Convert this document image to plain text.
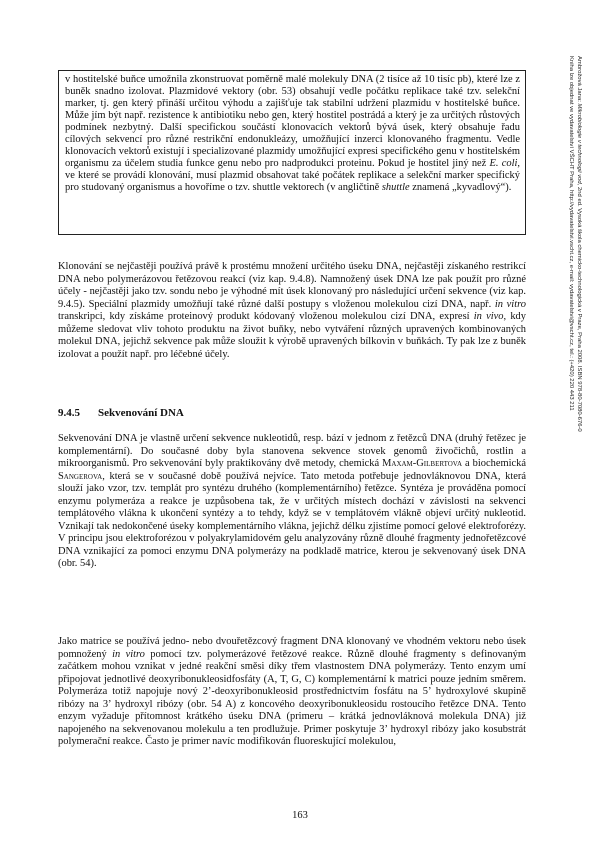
v hostitelské buňce umožnila zkonstruovat poměrně malé molekuly DNA (2 tisíce až 10 tisíc pb), které lze z buněk snadno izolovat. Plazmidové vektory (obr. 53) obsahují vedle počátku replikace také tzv. selekční marker, tj. gen který přináší určitou výhodu a zajišťuje tak stabilní udržení plazmidu v hostitelské buňce. Může jím být např. rezistence k antibiotiku nebo gen, který hostitel postrádá a který je za určitých růstových podmínek nezbytný. Další specifickou součástí klonovacích vektorů bývá úsek, který obsahuje řadu cílových sekvencí pro různé restrikční endonukleázy, umožňující inzerci klonovaného fragmentu. Vedle klonovacích vektorů existují i specializované plazmidy umožňující expresi specifického genu v hostitelském organismu za účelem studia funkce genu nebo pro nadprodukci proteinu. Pokud je hostitel jiný než E. coli, ve které se provádí klonování, musí plazmid obsahovat také počátek replikace a selekční marker specifický pro studovaný organismus a hovoříme o tzv. shuttle vektorech (v angličtině shuttle znamená „kyvadlový“).

Klonování se nejčastěji používá právě k prostému množení určitého úseku DNA, nejčastěji získaného restrikcí DNA nebo polymerázovou řetězovou reakcí (viz kap. 9.4.8). Namnožený úsek DNA lze pak použít pro různé účely - nejčastěji jako tzv. sondu nebo je výhodné mít úsek klonovaný pro následující určení sekvence (viz kap. 9.4.5). Speciální plazmidy umožňují také různé další postupy s vloženou molekulou cizí DNA, např. in vitro transkripci, kdy získáme proteinový produkt kódovaný vloženou molekulou cizí DNA, expresí in vivo, kdy můžeme sledovat vliv tohoto produktu na život buňky, nebo vytváření různých upravených kombinovaných molekul DNA, jejichž sekvence pak může sloužit k výrobě upravených bílkovin v buňkách. Ty pak lze z buněk izolovat a použít např. pro léčebné účely.

9.4.5 Sekvenování DNA

Sekvenování DNA je vlastně určení sekvence nukleotidů, resp. bází v jednom z řetězců DNA (druhý řetězec je komplementární). Do současné doby byla stanovena sekvence stovek genomů živočichů, rostlin a mikroorganismů. Pro sekvenování byly praktikovány dvě metody, chemická Maxam-Gilbertova a biochemická Sangerova, která se v současné době používá nejvíce. Tato metoda potřebuje jednovláknovou DNA, která slouží jako vzor, tzv. templát pro syntézu druhého (komplementárního) řetězce. Syntéza je prováděna pomocí enzymu polymeráza a reakce je uzpůsobena tak, že v určitých místech dochází v závislosti na sekvenci templátového vlákna k ukončení syntézy a to tehdy, když se v templátovém vlákně objeví určitý nukleotid. Vznikají tak nedokončené úseky komplementárního vlákna, jejichž délku zjistíme pomocí gelové elektroforézy. V principu jsou elektroforézou v polyakrylamidovém gelu analyzovány různě dlouhé fragmenty jednořetězcové DNA vznikající za pomoci enzymu DNA polymerázy na podkladě matrice, kterou je sekvenovaný úsek DNA (obr. 54).

Jako matrice se používá jedno- nebo dvouřetězcový fragment DNA klonovaný ve vhodném vektoru nebo úsek pomnožený in vitro pomocí tzv. polymerázové řetězové reakce. Různě dlouhé fragmenty s definovaným začátkem mohou vznikat v jedné reakční směsi díky třem vlastnostem DNA polymerázy. Tento enzym umí připojovat jednotlivé deoxyribonukleosidfosfáty (A, T, G, C) komplementární k matrici pouze jedním směrem. Polymeráza totiž napojuje nový 2’-deoxyribonukleosid prostřednictvím fosfátu na 5’ hydroxylové skupině ribózy na 3’ hydroxyl ribózy (obr. 54 A) z koncového deoxyribonukleosidu rostoucího řetězce DNA. Tento enzym vyžaduje přítomnost krátkého úseku DNA (primeru – krátká jednovláknová molekula DNA) již napojeného na sekvenovanou molekulu a ten prodlužuje. Primer poskytuje 3’ hydroxyl ribózy jako kosubstrát polymerační reakce. Často je primer navíc modifikován fluoreskující molekulou,

163
Ambrožová Jana: Mikrobiologie v technologii vod, 2nd ed. Vysoká škola chemicko-technologická v Praze, Praha 2008. ISBN 978-80-7080-676-0
Kniha lze objednat ve vydavatelství VŠCHT Praha, http://vydavatelstvi.vscht.cz, e-mail: vydavatelstvi@vscht.cz, tel.: (+420) 220 443 211
